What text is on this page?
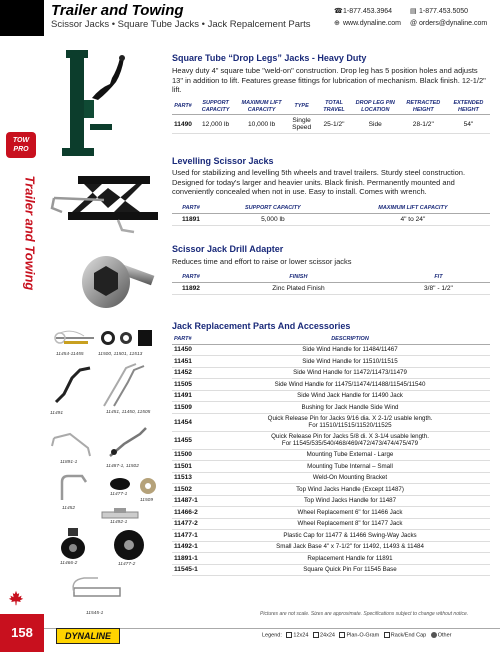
Trailer and Towing
Scissor Jacks • Square Tube Jacks • Jack Repalcement Parts
☎1-877.453.3964
⊕ www.dynaline.com
▤ 1-877.453.5050
@ orders@dynaline.com
TOW
PRO
Trailer and Towing
158
Square Tube “Drop Legs” Jacks - Heavy Duty
Heavy duty 4" square tube "weld-on" construction. Drop leg has 5 position holes and adjusts 13" in addition to lift. Features grease fittings for lubrication of mechanism. Black finish. 12-1/2" lift.
PART#	SUPPORT CAPACITY	MAXIMUM LIFT CAPACITY	TYPE	TOTAL TRAVEL	DROP LEG PIN LOCATION	RETRACTED HEIGHT	EXTENDED HEIGHT
11490	12,000 lb	10,000 lb	Single Speed	25-1/2"	Side	28-1/2"	54"
Levelling Scissor Jacks
Used for stabilizing and levelling 5th wheels and travel trailers. Sturdy steel construction. Designed for today's larger and heavier units. Black finish. Permanently mounted and conveniently concealed when not in use. Easy to install. Comes with wrench.
PART#	SUPPORT CAPACITY	MAXIMUM LIFT CAPACITY
11891	5,000 lb	4" to 24"
Scissor Jack Drill Adapter
Reduces time and effort to raise or lower scissor jacks
PART#	FINISH	FIT
11892	Zinc Plated Finish	3/8" - 1/2"
Jack Replacement Parts And Accessories
PART#	DESCRIPTION
11450	Side Wind Handle for 11484/11467
11451	Side Wind Handle for 11510/11515
11452	Side Wind Handle for 11472/11473/11479
11505	Side Wind Handle for 11475/11474/11488/11545/11540
11491	Side Wind Jack Handle for 11490 Jack
11509	Bushing for Jack Handle Side Wind
11454	Quick Release Pin for Jacks 9/16 dia. X 2-1/2 usable length.
For 11510/11515/11520/11525

11455	Quick Release Pin for Jacks 5/8 di. X 3-1/4 usable length.
For 11545/535/540/468/469/472/473/474/475/479

11500	Mounting Tube External - Large
11501	Mounting Tube Internal – Small
11513	Weld-On Mounting Bracket
11502	Top Wind Jacks Handle (Except 11487)
11487-1	Top Wind Jacks Handle for 11487
11466-2	Wheel Replacement 6" for 11466 Jack
11477-2	Wheel Replacement 8" for 11477 Jack
11477-1	Plastic Cap for 11477 & 11466 Swing-Way Jacks
11492-1	Small Jack Base 4" x 7-1/2" for 11492, 11493 & 11484
11891-1	Replacement Handle for 11891
11545-1	Square Quick Pin For 11545 Base
11454-11455	11500, 11501, 11513
11491	11451, 11450, 11505
11891-1
11487-1, 11502
11477-1
11509
11452
11492-1
11466-2	11477-2
11545-1	Pictures are not scale. Sizes are approximate. Specifications subject to change without notice.
DYNALINE	Legend: 12x24 24x24 Plan-O-Gram Rack/End Cap Other
